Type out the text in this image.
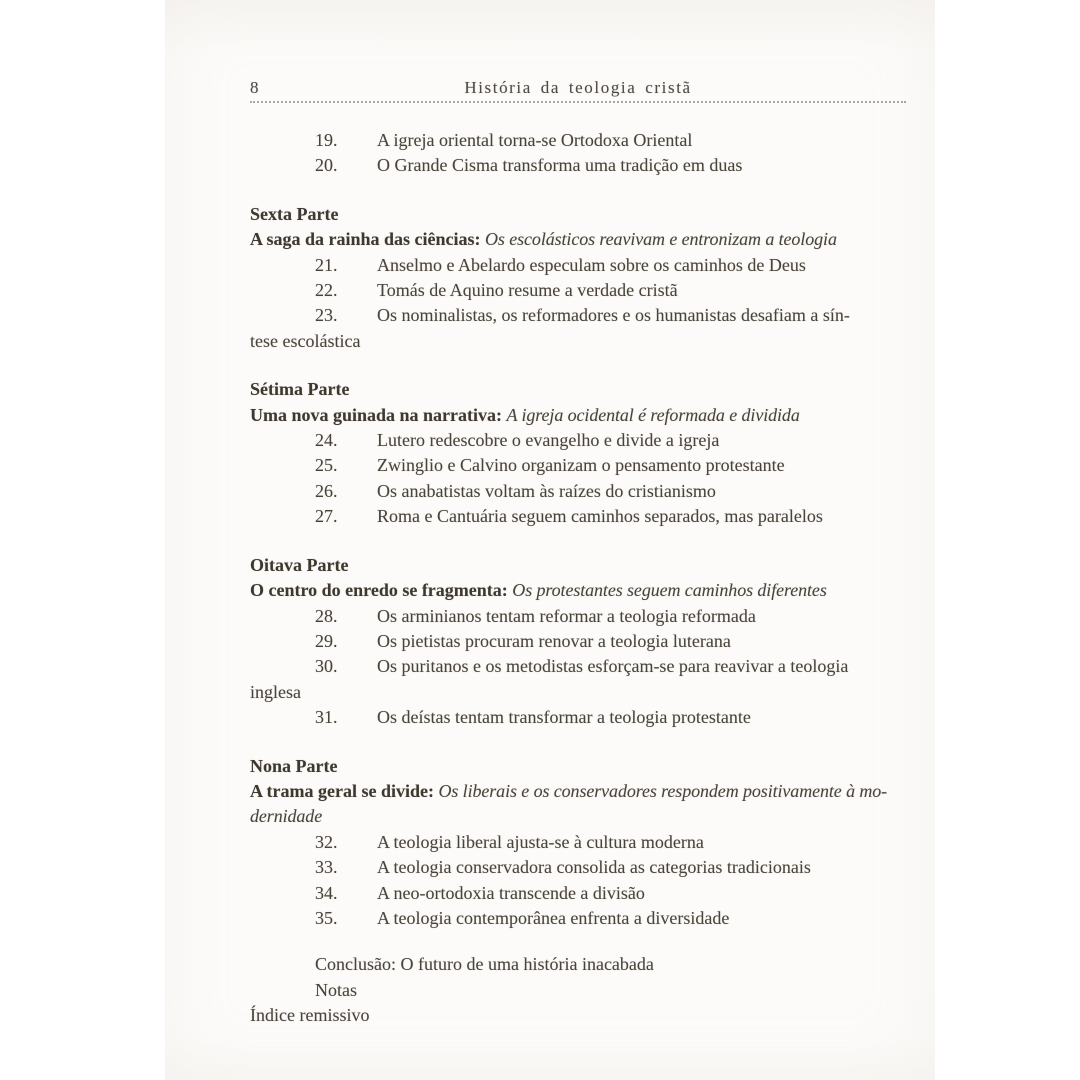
8	História da teologia cristã
19. A igreja oriental torna-se Ortodoxa Oriental
20. O Grande Cisma transforma uma tradição em duas
Sexta Parte
A saga da rainha das ciências: Os escolásticos reavivam e entronizam a teologia
21. Anselmo e Abelardo especulam sobre os caminhos de Deus
22. Tomás de Aquino resume a verdade cristã
23. Os nominalistas, os reformadores e os humanistas desafiam a sín-
tese escolástica
Sétima Parte
Uma nova guinada na narrativa: A igreja ocidental é reformada e dividida
24. Lutero redescobre o evangelho e divide a igreja
25. Zwinglio e Calvino organizam o pensamento protestante
26. Os anabatistas voltam às raízes do cristianismo
27. Roma e Cantuária seguem caminhos separados, mas paralelos
Oitava Parte
O centro do enredo se fragmenta: Os protestantes seguem caminhos diferentes
28. Os arminianos tentam reformar a teologia reformada
29. Os pietistas procuram renovar a teologia luterana
30. Os puritanos e os metodistas esforçam-se para reavivar a teologia
inglesa
31. Os deístas tentam transformar a teologia protestante
Nona Parte
A trama geral se divide: Os liberais e os conservadores respondem positivamente à mo-
dernidade
32. A teologia liberal ajusta-se à cultura moderna
33. A teologia conservadora consolida as categorias tradicionais
34. A neo-ortodoxia transcende a divisão
35. A teologia contemporânea enfrenta a diversidade
Conclusão: O futuro de uma história inacabada
Notas
Índice remissivo
